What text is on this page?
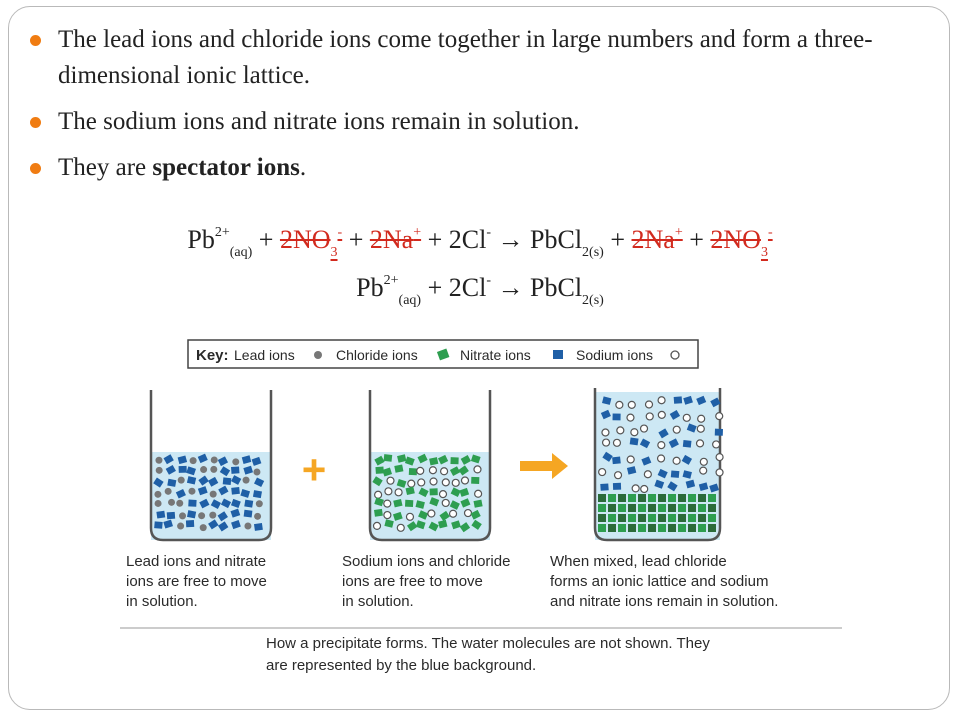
The lead ions and chloride ions come together in large numbers and form a three-dimensional ionic lattice.
The sodium ions and nitrate ions remain in solution.
They are spectator ions.
$Pb^{2+}_{(aq)} + 2NO_3^- + 2Na^+ + 2Cl^-$ → PbCl$_{2(s)}$ + $2Na^+ + 2NO_3^-$
$Pb^{2+}_{(aq)} + 2Cl^-$ → PbCl$_{2(s)}$
Key: Lead ions	Chloride ions	Nitrate ions	Sodium ions
+
Lead ions and nitrate
ions are free to move
in solution.
Sodium ions and chloride
ions are free to move
in solution.
When mixed, lead chloride
forms an ionic lattice and sodium
and nitrate ions remain in solution.
How a precipitate forms. The water molecules are not shown. They
are represented by the blue background.
